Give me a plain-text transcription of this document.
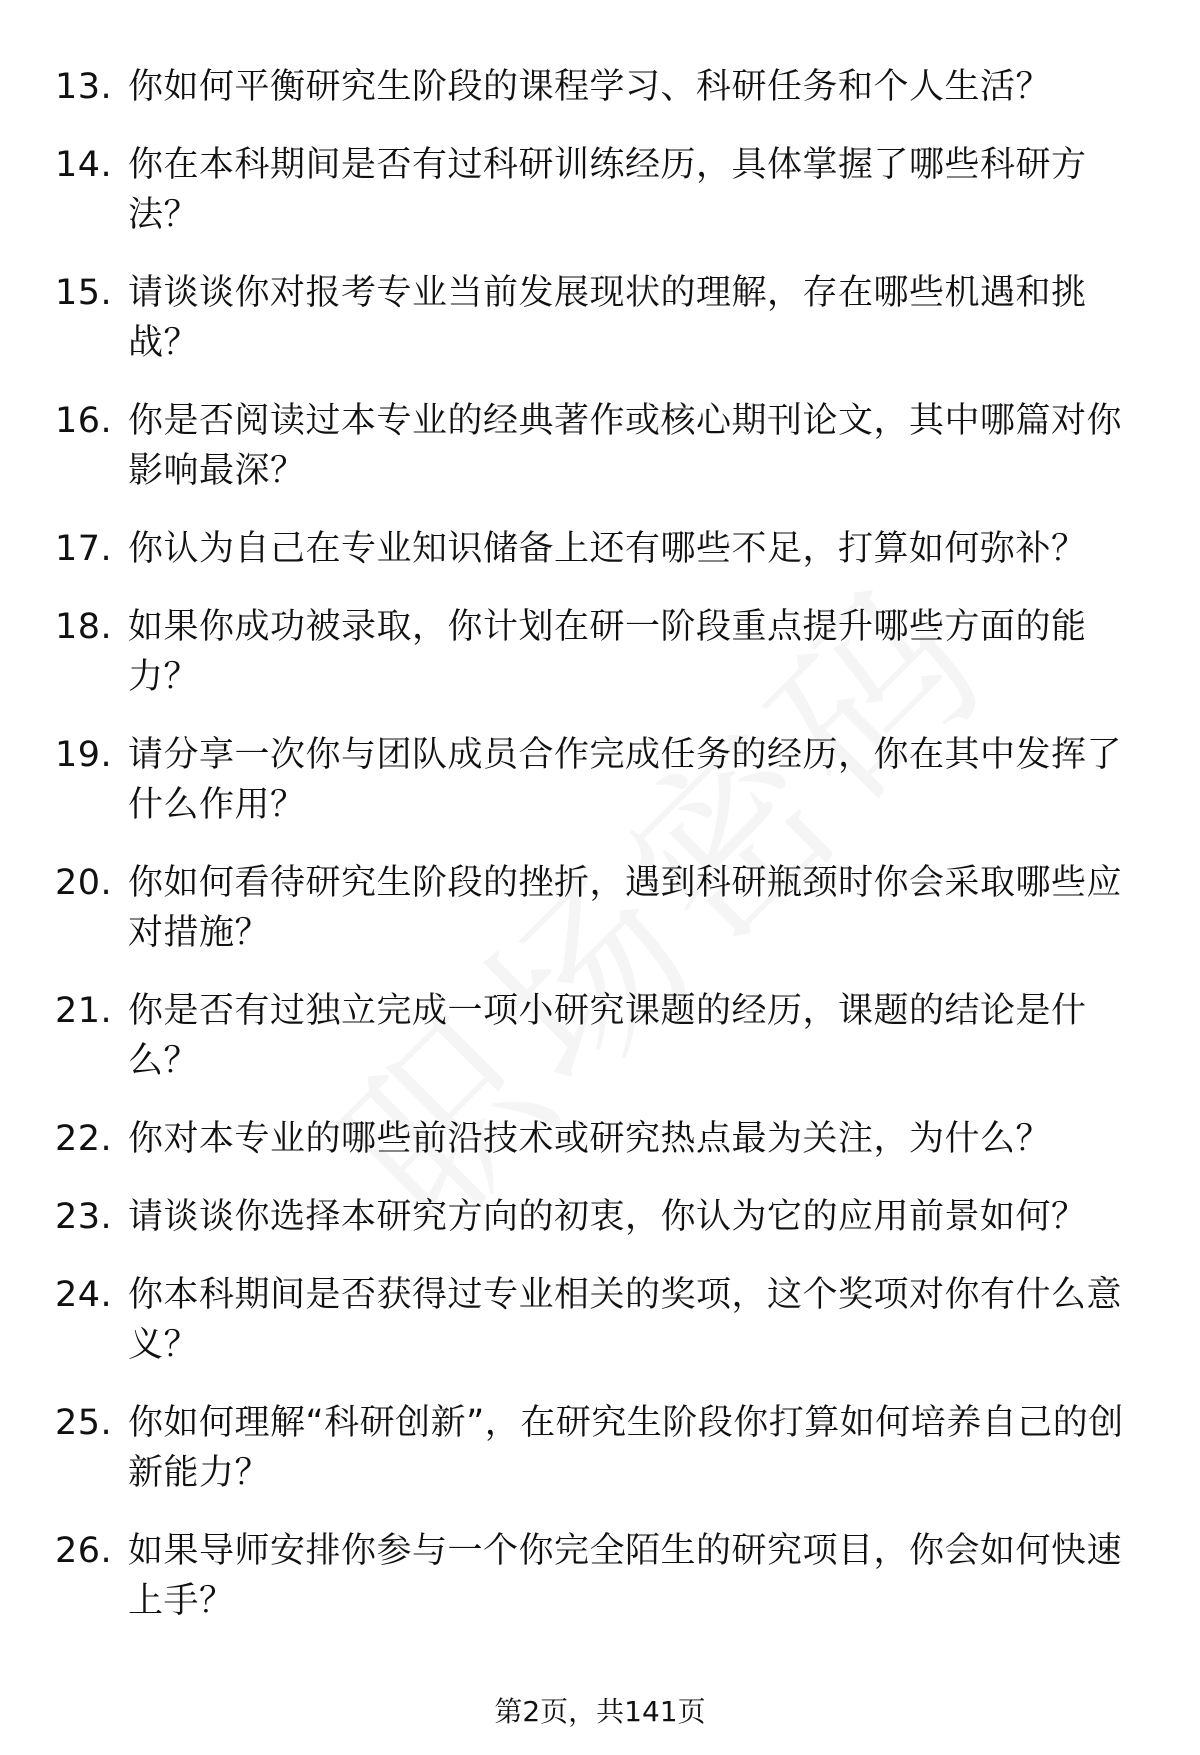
13. 你如何平衡研究生阶段的课程学习、科研任务和个人生活？
14. 你在本科期间是否有过科研训练经历，具体掌握了哪些科研方法？
15. 请谈谈你对报考专业当前发展现状的理解，存在哪些机遇和挑战？
16. 你是否阅读过本专业的经典著作或核心期刊论文，其中哪篇对你影响最深？
17. 你认为自己在专业知识储备上还有哪些不足，打算如何弥补？
18. 如果你成功被录取，你计划在研一阶段重点提升哪些方面的能力？
19. 请分享一次你与团队成员合作完成任务的经历，你在其中发挥了什么作用？
20. 你如何看待研究生阶段的挫折，遇到科研瓶颈时你会采取哪些应对措施？
21. 你是否有过独立完成一项小研究课题的经历，课题的结论是什么？
22. 你对本专业的哪些前沿技术或研究热点最为关注，为什么？
23. 请谈谈你选择本研究方向的初衷，你认为它的应用前景如何？
24. 你本科期间是否获得过专业相关的奖项，这个奖项对你有什么意义？
25. 你如何理解“科研创新”，在研究生阶段你打算如何培养自己的创新能力？
26. 如果导师安排你参与一个你完全陌生的研究项目，你会如何快速上手？
第2页，共141页
